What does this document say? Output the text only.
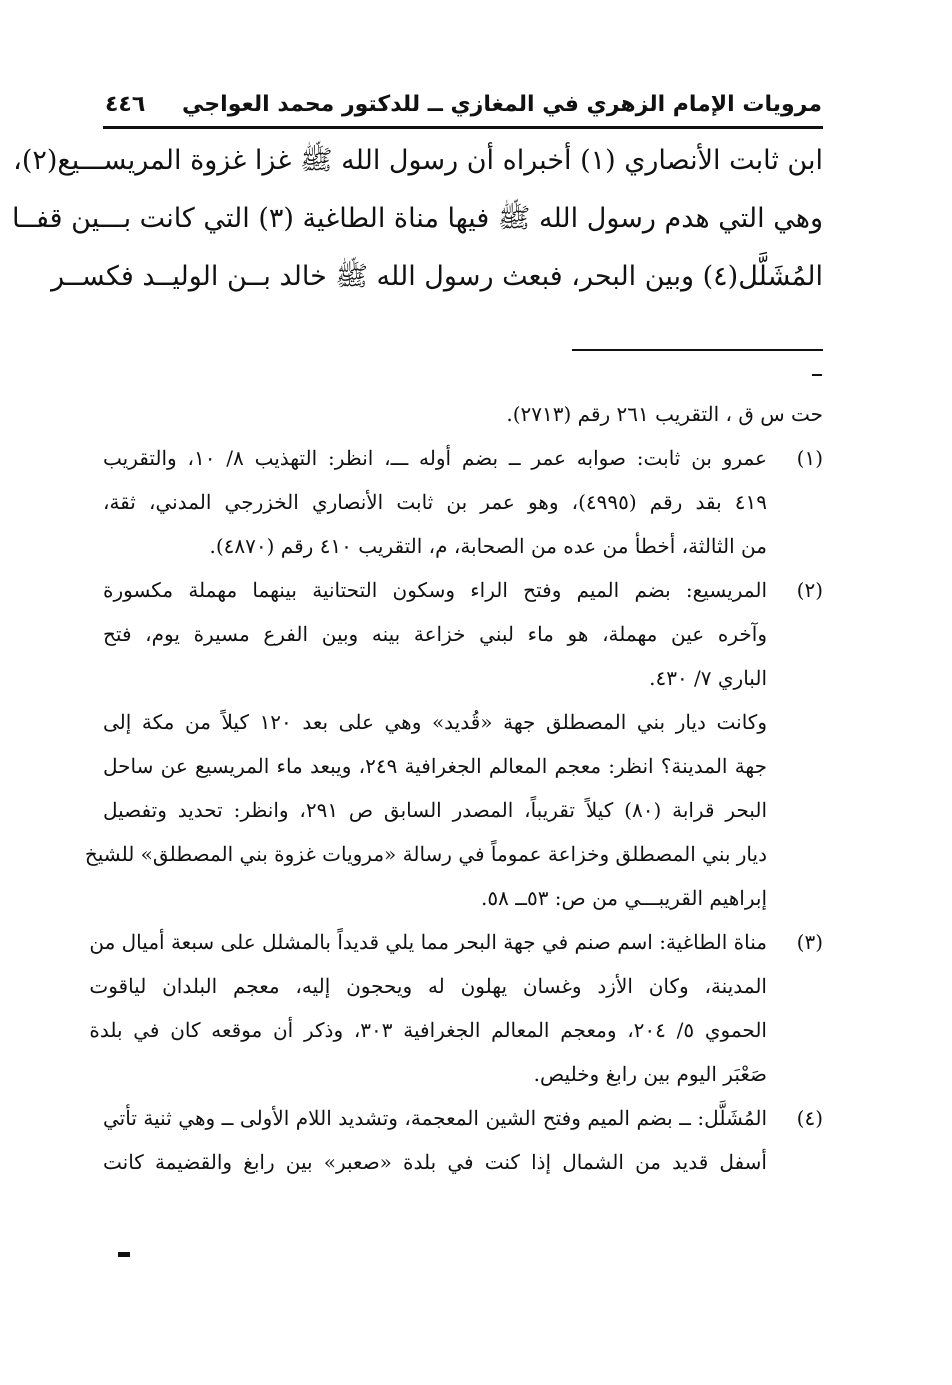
٤٤٦ مرويات الإمام الزهري في المغازي ــ للدكتور محمد العواجي
ابن ثابت الأنصاري (١) أخبراه أن رسول الله ﷺ غزا غزوة المريســـيع(٢)،
وهي التي هدم رسول الله ﷺ فيها مناة الطاغية (٣) التي كانت بـــين قفــا
المُشَلَّل(٤) وبين البحر، فبعث رسول الله ﷺ خالد بــن الوليــد فكســر
حت س ق ، التقريب ٢٦١ رقم (٢٧١٣).
(١)
عمرو بن ثابت: صوابه عمر ــ بضم أوله ـــ، انظر: التهذيب ٨/ ١٠، والتقريب
٤١٩ بقد رقم (٤٩٩٥)، وهو عمر بن ثابت الأنصاري الخزرجي المدني، ثقة،
من الثالثة، أخطأ من عده من الصحابة، م، التقريب ٤١٠ رقم (٤٨٧٠).
(٢)
المريسيع: بضم الميم وفتح الراء وسكون التحتانية بينهما مهملة مكسورة
وآخره عين مهملة، هو ماء لبني خزاعة بينه وبين الفرع مسيرة يوم، فتح
الباري ٧/ ٤٣٠.
وكانت ديار بني المصطلق جهة «قُديد» وهي على بعد ١٢٠ كيلاً من مكة إلى
جهة المدينة؟ انظر: معجم المعالم الجغرافية ٢٤٩، ويبعد ماء المريسيع عن ساحل
البحر قرابة (٨٠) كيلاً تقريباً، المصدر السابق ص ٢٩١، وانظر: تحديد وتفصيل
ديار بني المصطلق وخزاعة عموماً في رسالة «مرويات غزوة بني المصطلق» للشيخ
إبراهيم القريبـــي من ص: ٥٣ــ ٥٨.
(٣)
مناة الطاغية: اسم صنم في جهة البحر مما يلي قديداً بالمشلل على سبعة أميال من
المدينة، وكان الأزد وغسان يهلون له ويحجون إليه، معجم البلدان لياقوت
الحموي ٥/ ٢٠٤، ومعجم المعالم الجغرافية ٣٠٣، وذكر أن موقعه كان في بلدة
صَعْبَر اليوم بين رابغ وخليص.
(٤)
المُشَلَّل: ــ بضم الميم وفتح الشين المعجمة، وتشديد اللام الأولى ــ وهي ثنية تأتي
أسفل قديد من الشمال إذا كنت في بلدة «صعبر» بين رابغ والقضيمة كانت
